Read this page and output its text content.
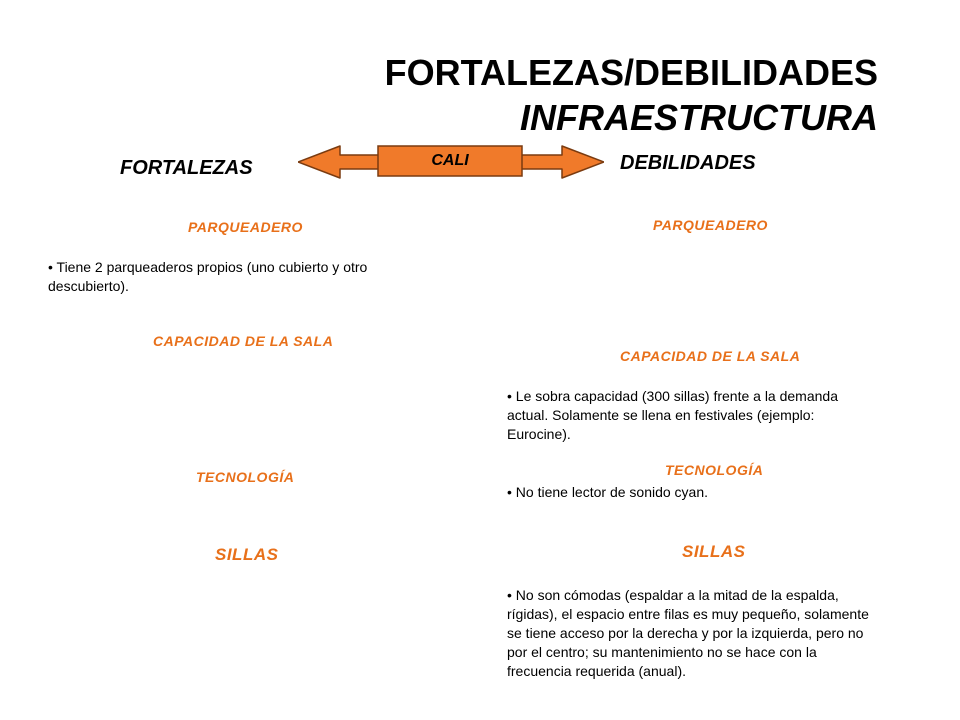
FORTALEZAS/DEBILIDADES
INFRAESTRUCTURA
FORTALEZAS	DEBILIDADES
CALI
PARQUEADERO
• Tiene 2 parqueaderos propios (uno cubierto y otro
descubierto).
CAPACIDAD DE LA SALA
TECNOLOGÍA
SILLAS
PARQUEADERO
CAPACIDAD DE LA SALA
• Le sobra capacidad (300 sillas) frente a la demanda
actual. Solamente se llena en festivales (ejemplo:
Eurocine).
TECNOLOGÍA
• No tiene lector de sonido cyan.
SILLAS
• No son cómodas (espaldar a la mitad de la espalda,
rígidas), el espacio entre filas es muy pequeño, solamente
se tiene acceso por la derecha y por la izquierda, pero no
por el centro; su mantenimiento no se hace con la
frecuencia requerida (anual).
